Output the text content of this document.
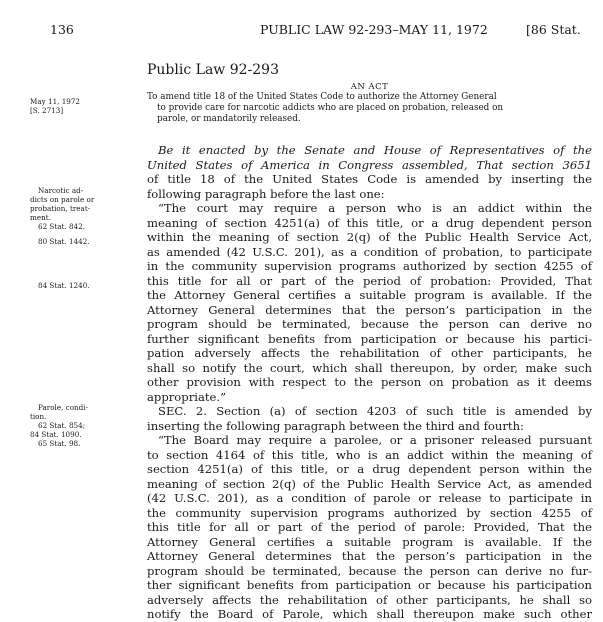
136	PUBLIC LAW 92-293–MAY 11, 1972	[86 Stat.
Public Law 92-293
May 11, 1972
[S. 2713]
Narcotic ad-
dicts on parole or
probation, treat-
ment.
62 Stat. 842.
80 Stat. 1442.
84 Stat. 1240.
Parole, condi-
tion.
62 Stat. 854;
84 Stat. 1090.
65 Stat. 98.
AN ACT
To amend title 18 of the United States Code to authorize the Attorney General
to provide care for narcotic addicts who are placed on probation, released on
parole, or mandatorily released.
Be it enacted by the Senate and House of Representatives of the
United States of America in Congress assembled, That section 3651
of title 18 of the United States Code is amended by inserting the
following paragraph before the last one:
“The court may require a person who is an addict within the
meaning of section 4251(a) of this title, or a drug dependent person
within the meaning of section 2(q) of the Public Health Service Act,
as amended (42 U.S.C. 201), as a condition of probation, to participate
in the community supervision programs authorized by section 4255 of
this title for all or part of the period of probation: Provided, That
the Attorney General certifies a suitable program is available. If the
Attorney General determines that the person’s participation in the
program should be terminated, because the person can derive no
further significant benefits from participation or because his partici-
pation adversely affects the rehabilitation of other participants, he
shall so notify the court, which shall thereupon, by order, make such
other provision with respect to the person on probation as it deems
appropriate.”
SEC. 2. Section (a) of section 4203 of such title is amended by
inserting the following paragraph between the third and fourth:
“The Board may require a parolee, or a prisoner released pursuant
to section 4164 of this title, who is an addict within the meaning of
section 4251(a) of this title, or a drug dependent person within the
meaning of section 2(q) of the Public Health Service Act, as amended
(42 U.S.C. 201), as a condition of parole or release to participate in
the community supervision programs authorized by section 4255 of
this title for all or part of the period of parole: Provided, That the
Attorney General certifies a suitable program is available. If the
Attorney General determines that the person’s participation in the
program should be terminated, because the person can derive no fur-
ther significant benefits from participation or because his participation
adversely affects the rehabilitation of other participants, he shall so
notify the Board of Parole, which shall thereupon make such other
